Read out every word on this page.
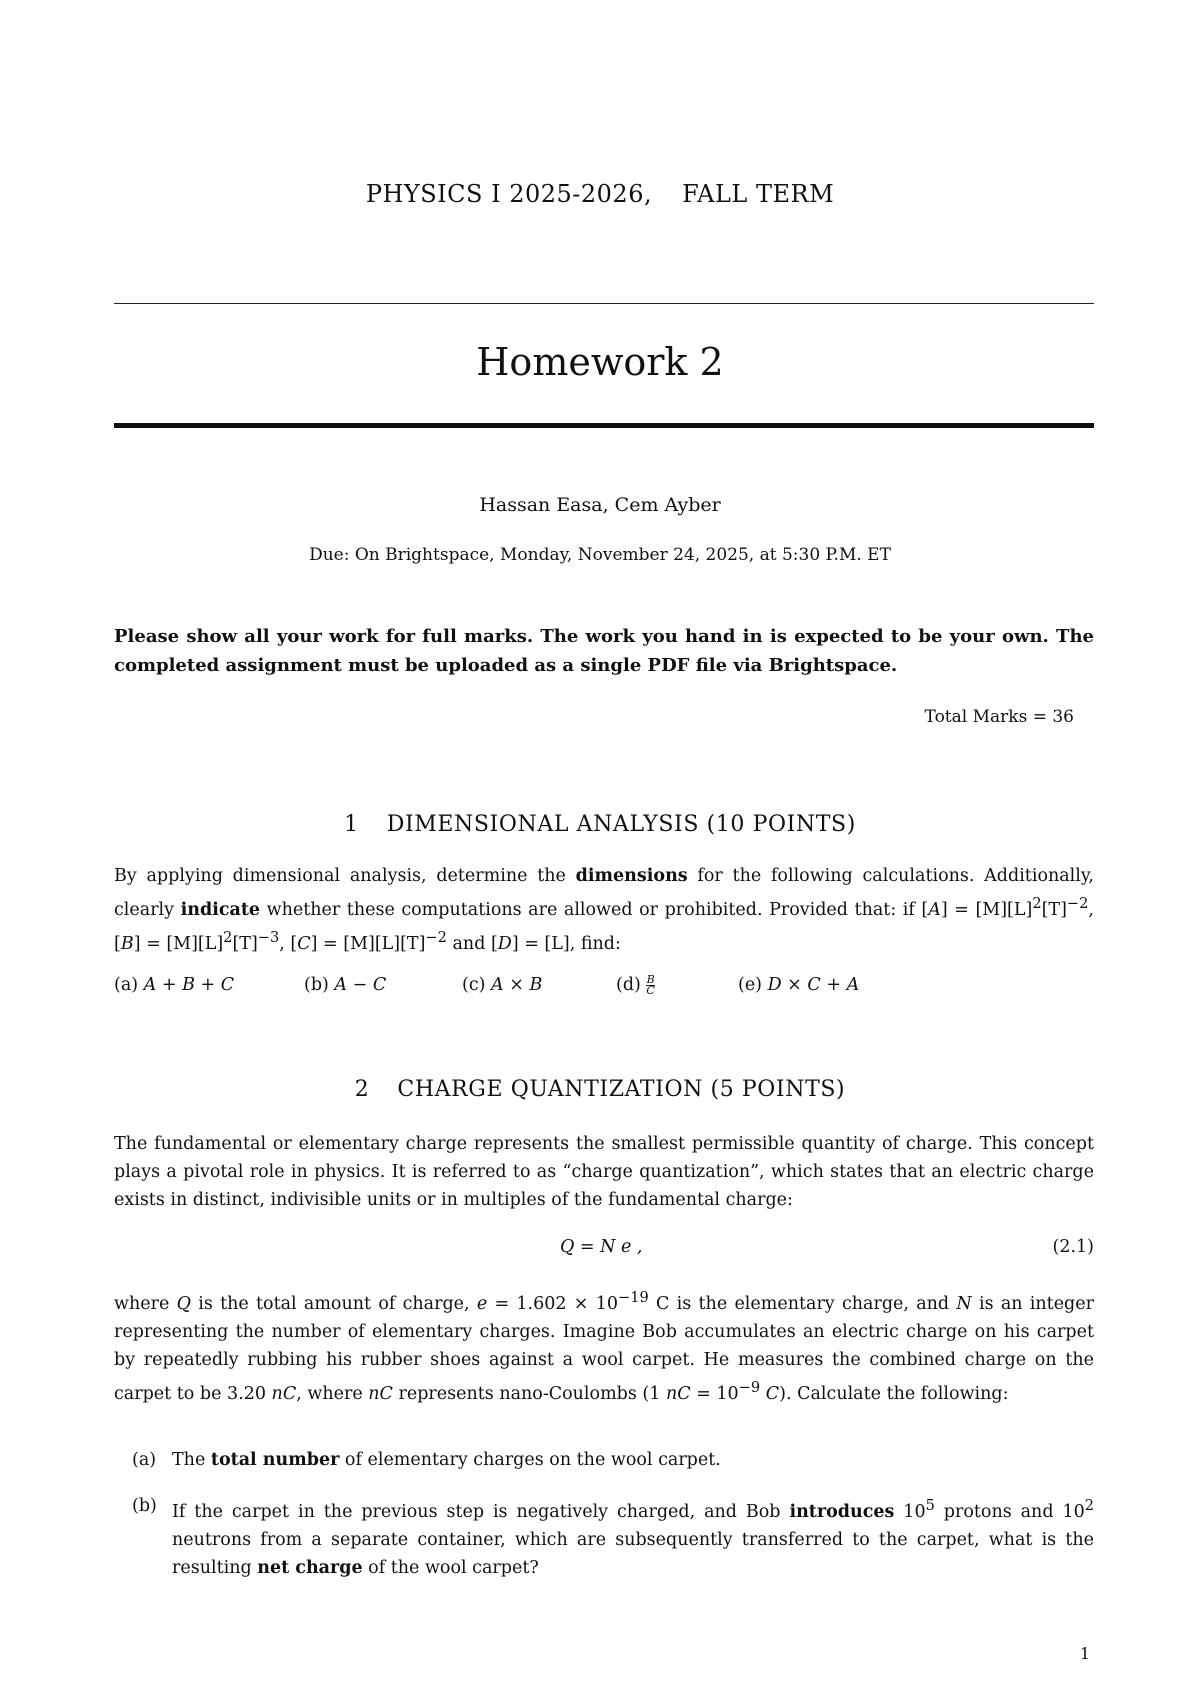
PHYSICS I 2025-2026, FALL TERM
Homework 2
Hassan Easa, Cem Ayber
Due: On Brightspace, Monday, November 24, 2025, at 5:30 P.M. ET
Please show all your work for full marks. The work you hand in is expected to be your own. The completed assignment must be uploaded as a single PDF file via Brightspace.
Total Marks = 36
1 DIMENSIONAL ANALYSIS (10 POINTS)
By applying dimensional analysis, determine the dimensions for the following calculations. Additionally, clearly indicate whether these computations are allowed or prohibited. Provided that: if $[A] = [M][L]^2[T]^{-2}$, $[B] = [M][L]^2[T]^{-3}$, $[C] = [M][L][T]^{-2}$ and [D] = [L], find:
(a) A + B + C	(b) A − C	(c) A × B	$(d) \frac{B}{C}$	(e) D × C + A
2 CHARGE QUANTIZATION (5 POINTS)
The fundamental or elementary charge represents the smallest permissible quantity of charge. This concept plays a pivotal role in physics. It is referred to as “charge quantization”, which states that an electric charge exists in distinct, indivisible units or in multiples of the fundamental charge:
Q = N e ,	(2.1)
where Q is the total amount of charge, $e = 1.602 \times 10^{-19}$ C is the elementary charge, and N is an integer representing the number of elementary charges. Imagine Bob accumulates an electric charge on his carpet by repeatedly rubbing his rubber shoes against a wool carpet. He measures the combined charge on the carpet to be 3.20 nC, where nC represents nano-Coulombs (1 nC = $10^{-9}$ C). Calculate the following:
(a) The total number of elementary charges on the wool carpet.
(b) If the carpet in the previous step is negatively charged, and Bob introduces $10^5$ protons and $10^2$ neutrons from a separate container, which are subsequently transferred to the carpet, what is the resulting net charge of the wool carpet?
1
